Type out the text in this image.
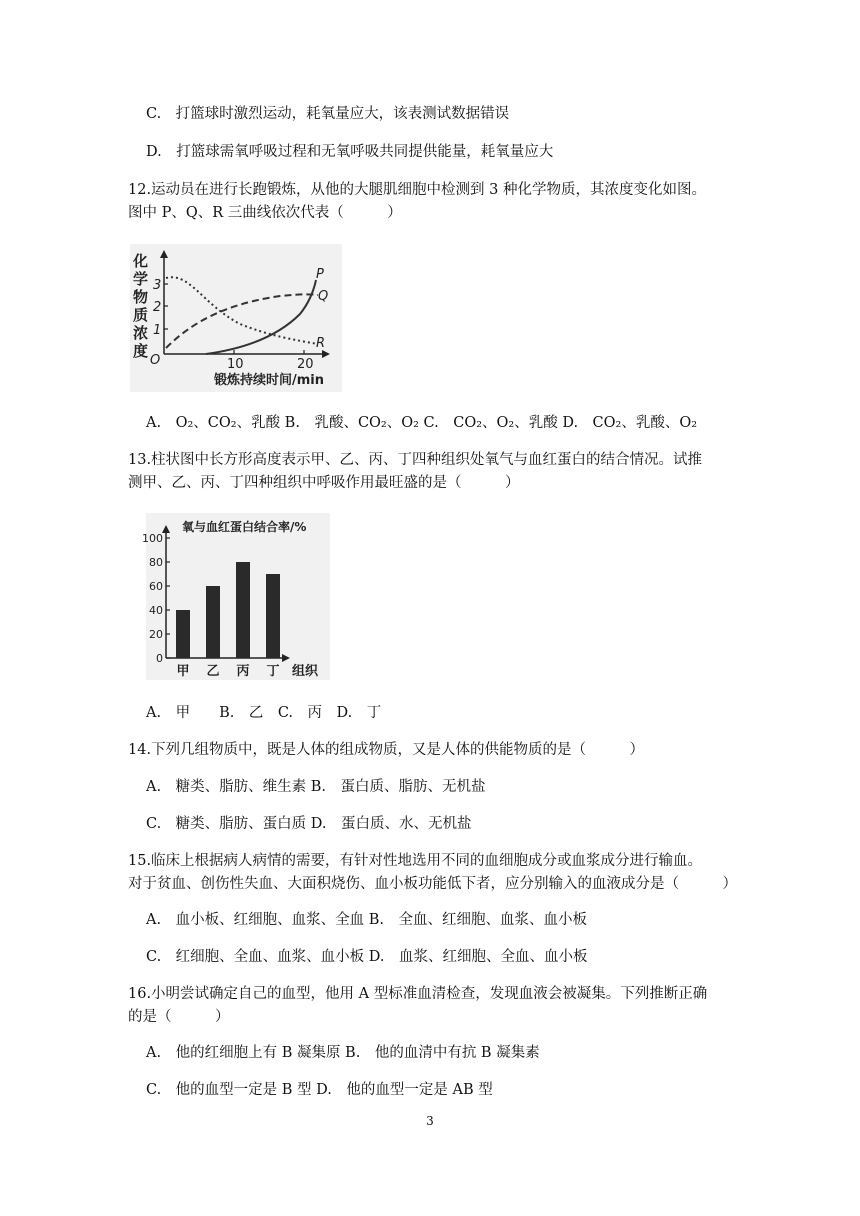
C.　打篮球时激烈运动，耗氧量应大，该表测试数据错误
D.　打篮球需氧呼吸过程和无氧呼吸共同提供能量，耗氧量应大
12.运动员在进行长跑锻炼，从他的大腿肌细胞中检测到 3 种化学物质，其浓度变化如图。
图中 P、Q、R 三曲线依次代表（　　　）
化
学
物
质
浓
度
1
2
3
O	10	20
P
Q
R
锻炼持续时间/min
A.　O₂、CO₂、乳酸 B.　乳酸、CO₂、O₂ C.　CO₂、O₂、乳酸 D.　CO₂、乳酸、O₂
13.柱状图中长方形高度表示甲、乙、丙、丁四种组织处氧气与血红蛋白的结合情况。试推
测甲、乙、丙、丁四种组织中呼吸作用最旺盛的是（　　　）
氧与血红蛋白结合率/%
组织
0
20
40
60
80
100
甲 乙 丙 丁
A.　甲　　B.　乙　C.　丙　D.　丁
14.下列几组物质中，既是人体的组成物质，又是人体的供能物质的是（　　　）
A.　糖类、脂肪、维生素 B.　蛋白质、脂肪、无机盐
C.　糖类、脂肪、蛋白质 D.　蛋白质、水、无机盐
15.临床上根据病人病情的需要，有针对性地选用不同的血细胞成分或血浆成分进行输血。
对于贫血、创伤性失血、大面积烧伤、血小板功能低下者，应分别输入的血液成分是（　　　）
A.　血小板、红细胞、血浆、全血 B.　全血、红细胞、血浆、血小板
C.　红细胞、全血、血浆、血小板 D.　血浆、红细胞、全血、血小板
16.小明尝试确定自己的血型，他用 A 型标准血清检查，发现血液会被凝集。下列推断正确
的是（　　　）
A.　他的红细胞上有 B 凝集原 B.　他的血清中有抗 B 凝集素
C.　他的血型一定是 B 型 D.　他的血型一定是 AB 型
3
